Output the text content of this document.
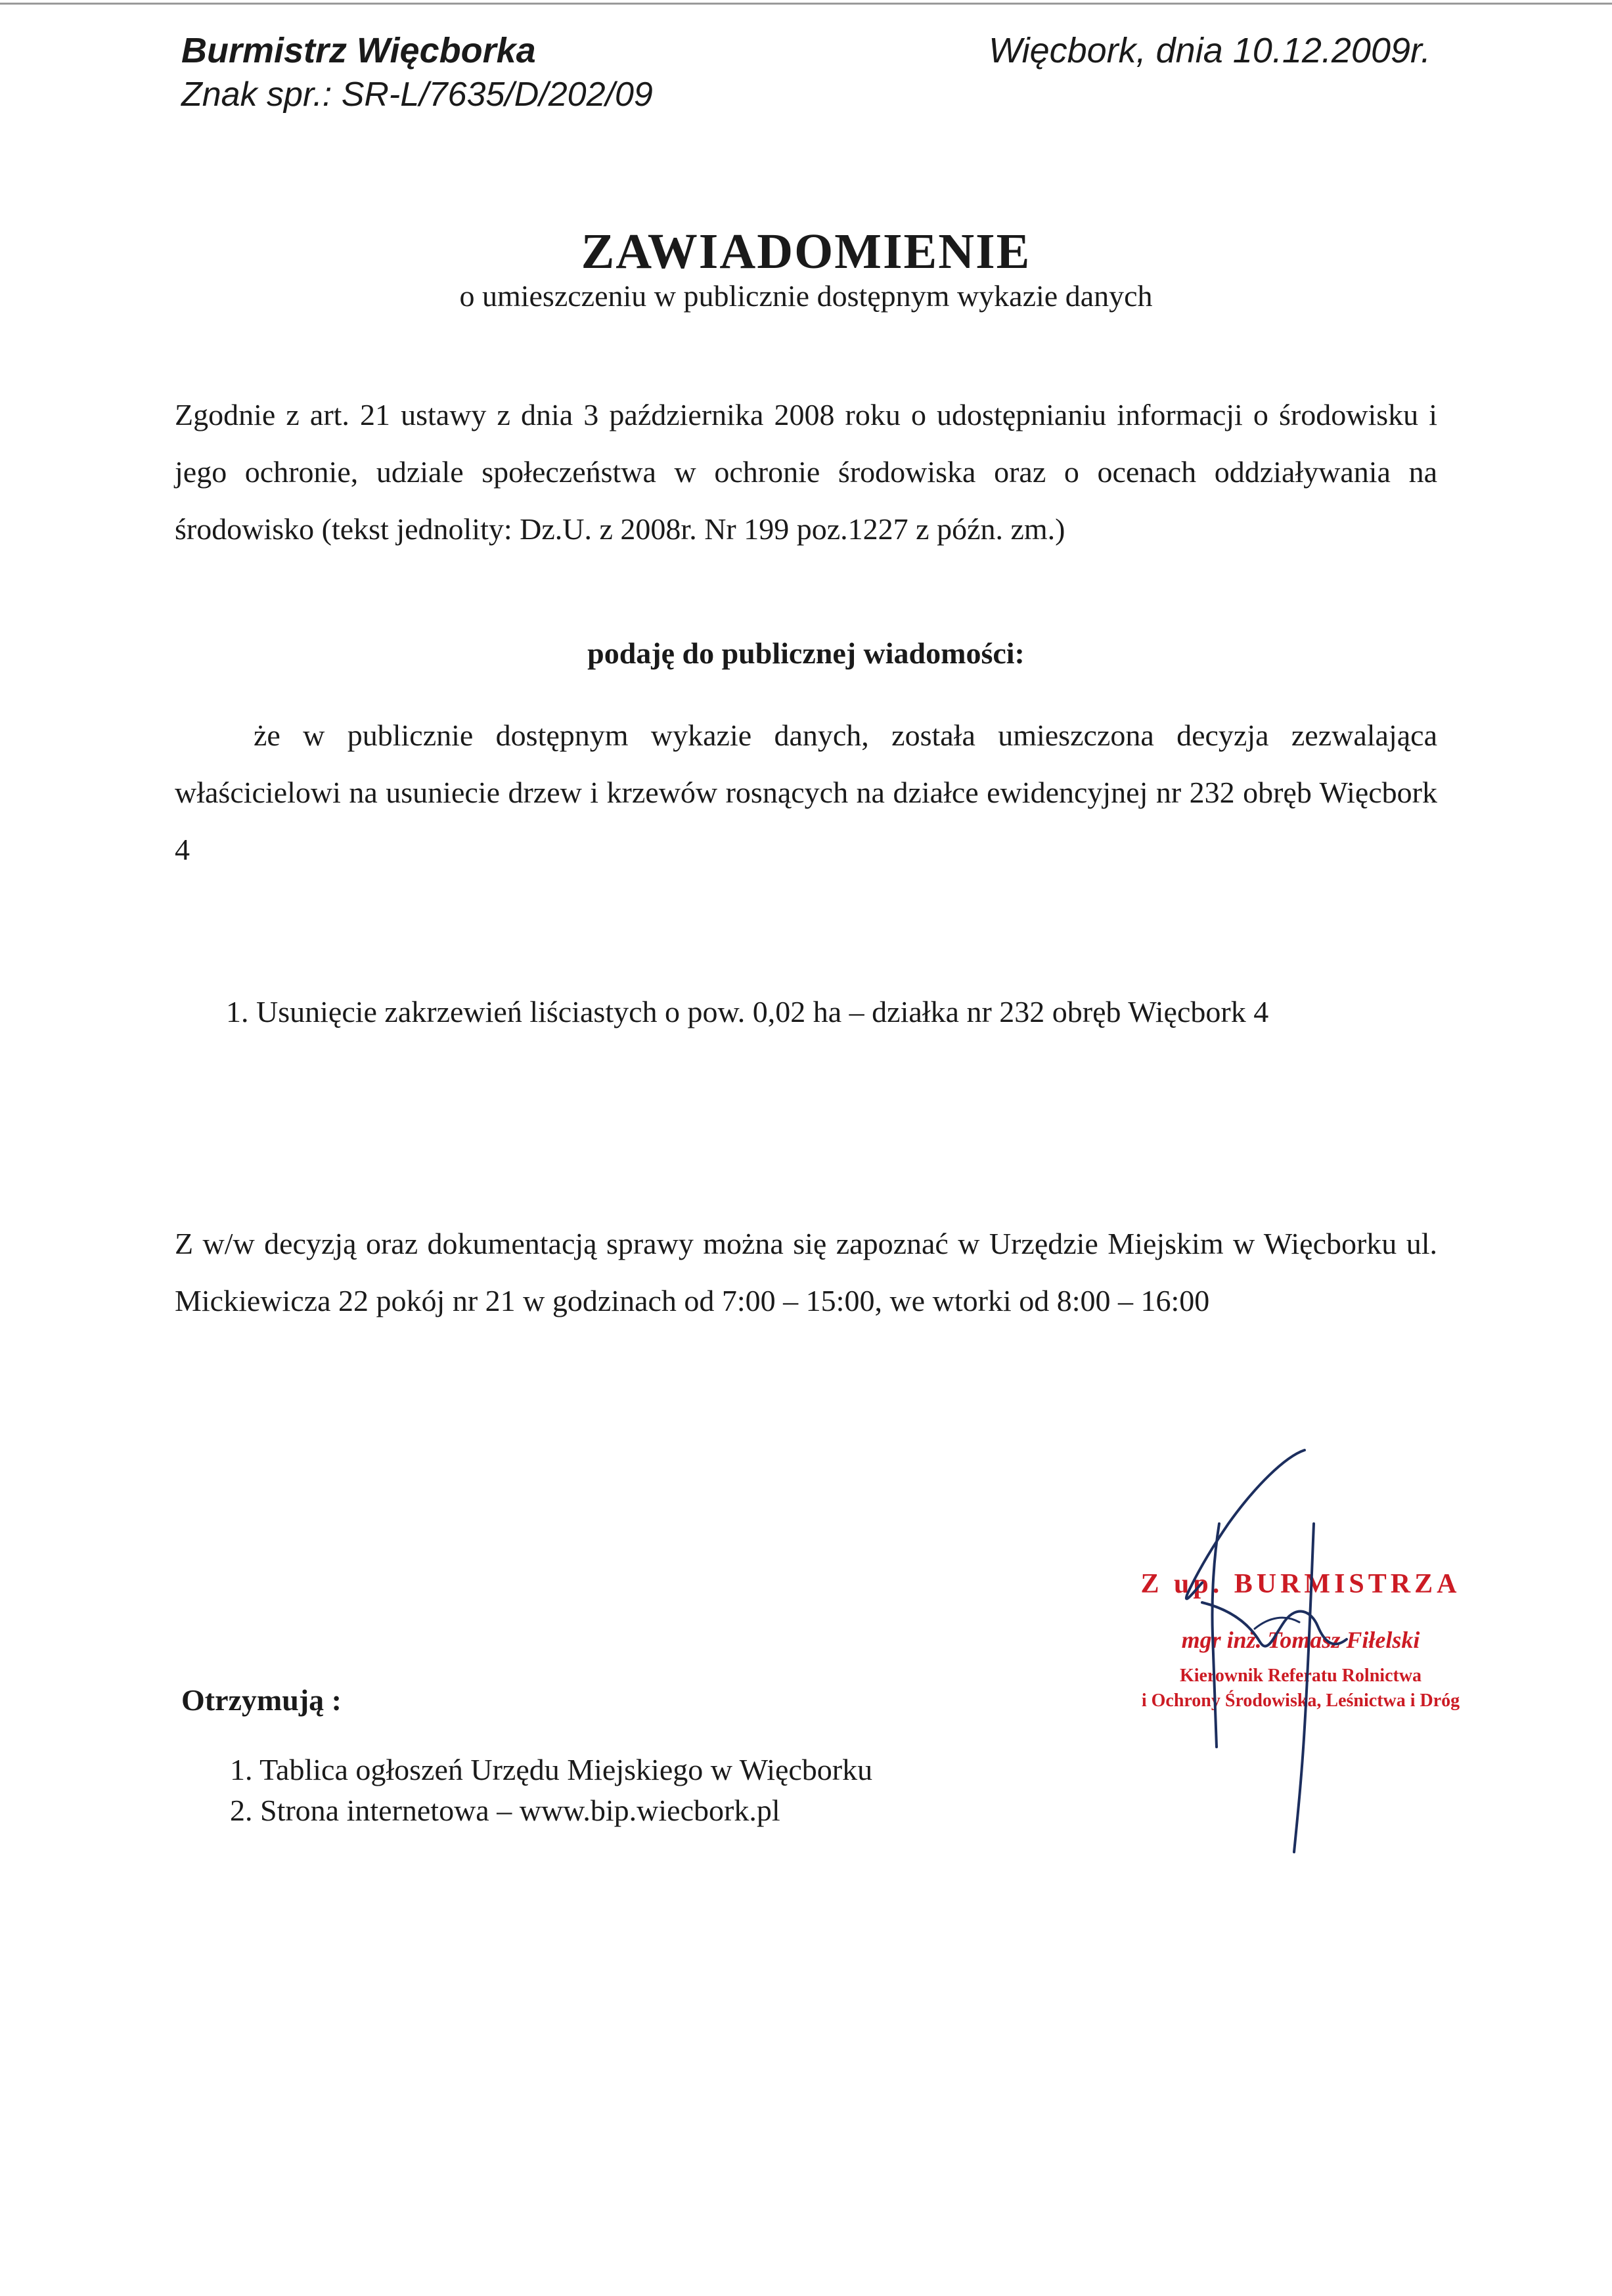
Burmistrz Więcborka
Znak spr.: SR-L/7635/D/202/09
Więcbork, dnia 10.12.2009r.
ZAWIADOMIENIE
o umieszczeniu w publicznie dostępnym wykazie danych
Zgodnie z art. 21 ustawy z dnia 3 października 2008 roku o udostępnianiu informacji o środowisku i jego ochronie, udziale społeczeństwa w ochronie środowiska oraz o ocenach oddziaływania na środowisko (tekst jednolity: Dz.U. z 2008r. Nr 199 poz.1227 z późn. zm.)
podaję do publicznej wiadomości:
że w publicznie dostępnym wykazie danych, została umieszczona decyzja zezwalająca właścicielowi na usuniecie drzew i krzewów rosnących na działce ewidencyjnej nr 232 obręb Więcbork 4
1. Usunięcie zakrzewień liściastych o pow. 0,02 ha – działka nr 232 obręb Więcbork 4
Z w/w decyzją oraz dokumentacją sprawy można się zapoznać w Urzędzie Miejskim w Więcborku ul. Mickiewicza 22 pokój nr 21 w godzinach od 7:00 – 15:00, we wtorki od 8:00 – 16:00
Z up. BURMISTRZA
mgr inż. Tomasz Fiłelski
Kierownik Referatu Rolnictwa
i Ochrony Środowiska, Leśnictwa i Dróg
Otrzymują :
1. Tablica ogłoszeń Urzędu Miejskiego w Więcborku
2. Strona internetowa – www.bip.wiecbork.pl
